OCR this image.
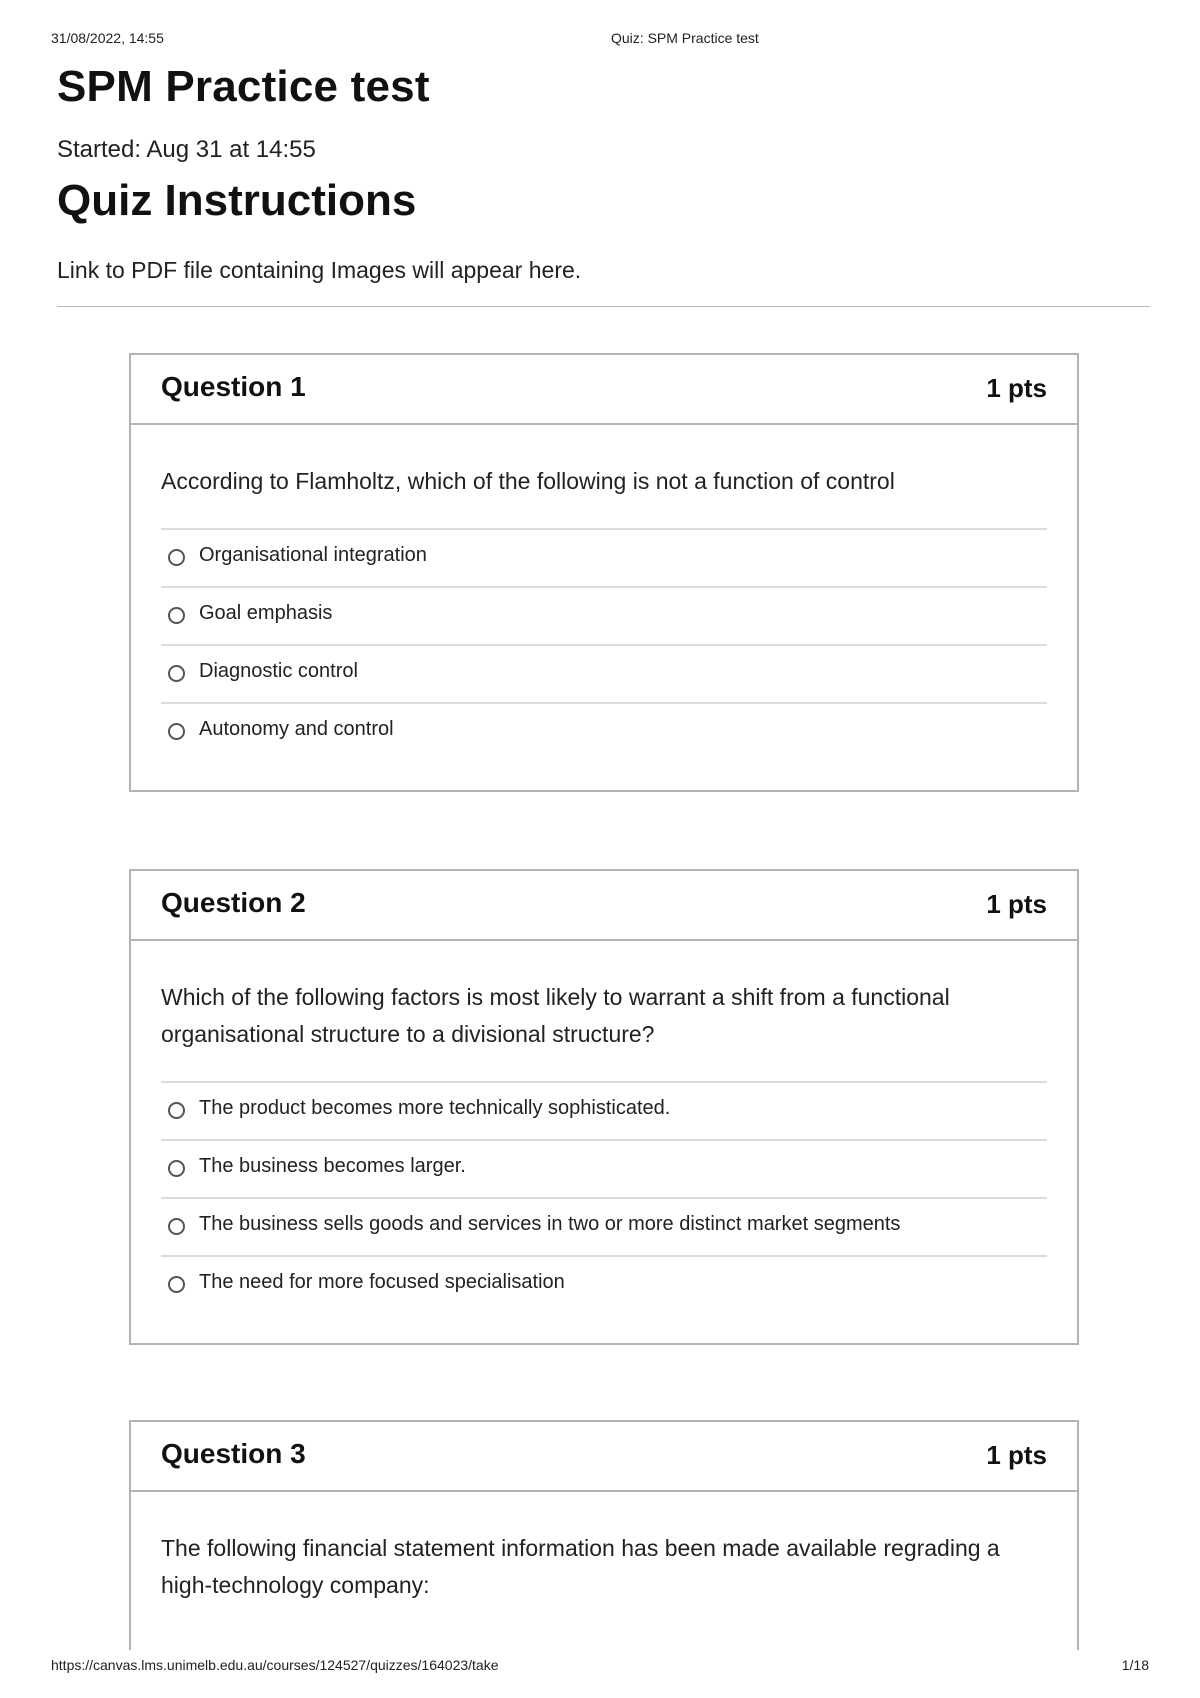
31/08/2022, 14:55	Quiz: SPM Practice test
SPM Practice test
Started: Aug 31 at 14:55
Quiz Instructions
Link to PDF file containing Images will appear here.
Question 1	1 pts

According to Flamholtz, which of the following is not a function of control

Organisational integration
Goal emphasis
Diagnostic control
Autonomy and control
Question 2	1 pts

Which of the following factors is most likely to warrant a shift from a functional organisational structure to a divisional structure?

The product becomes more technically sophisticated.
The business becomes larger.
The business sells goods and services in two or more distinct market segments
The need for more focused specialisation
Question 3	1 pts

The following financial statement information has been made available regrading a high-technology company:

https://canvas.lms.unimelb.edu.au/courses/124527/quizzes/164023/take	1/18
